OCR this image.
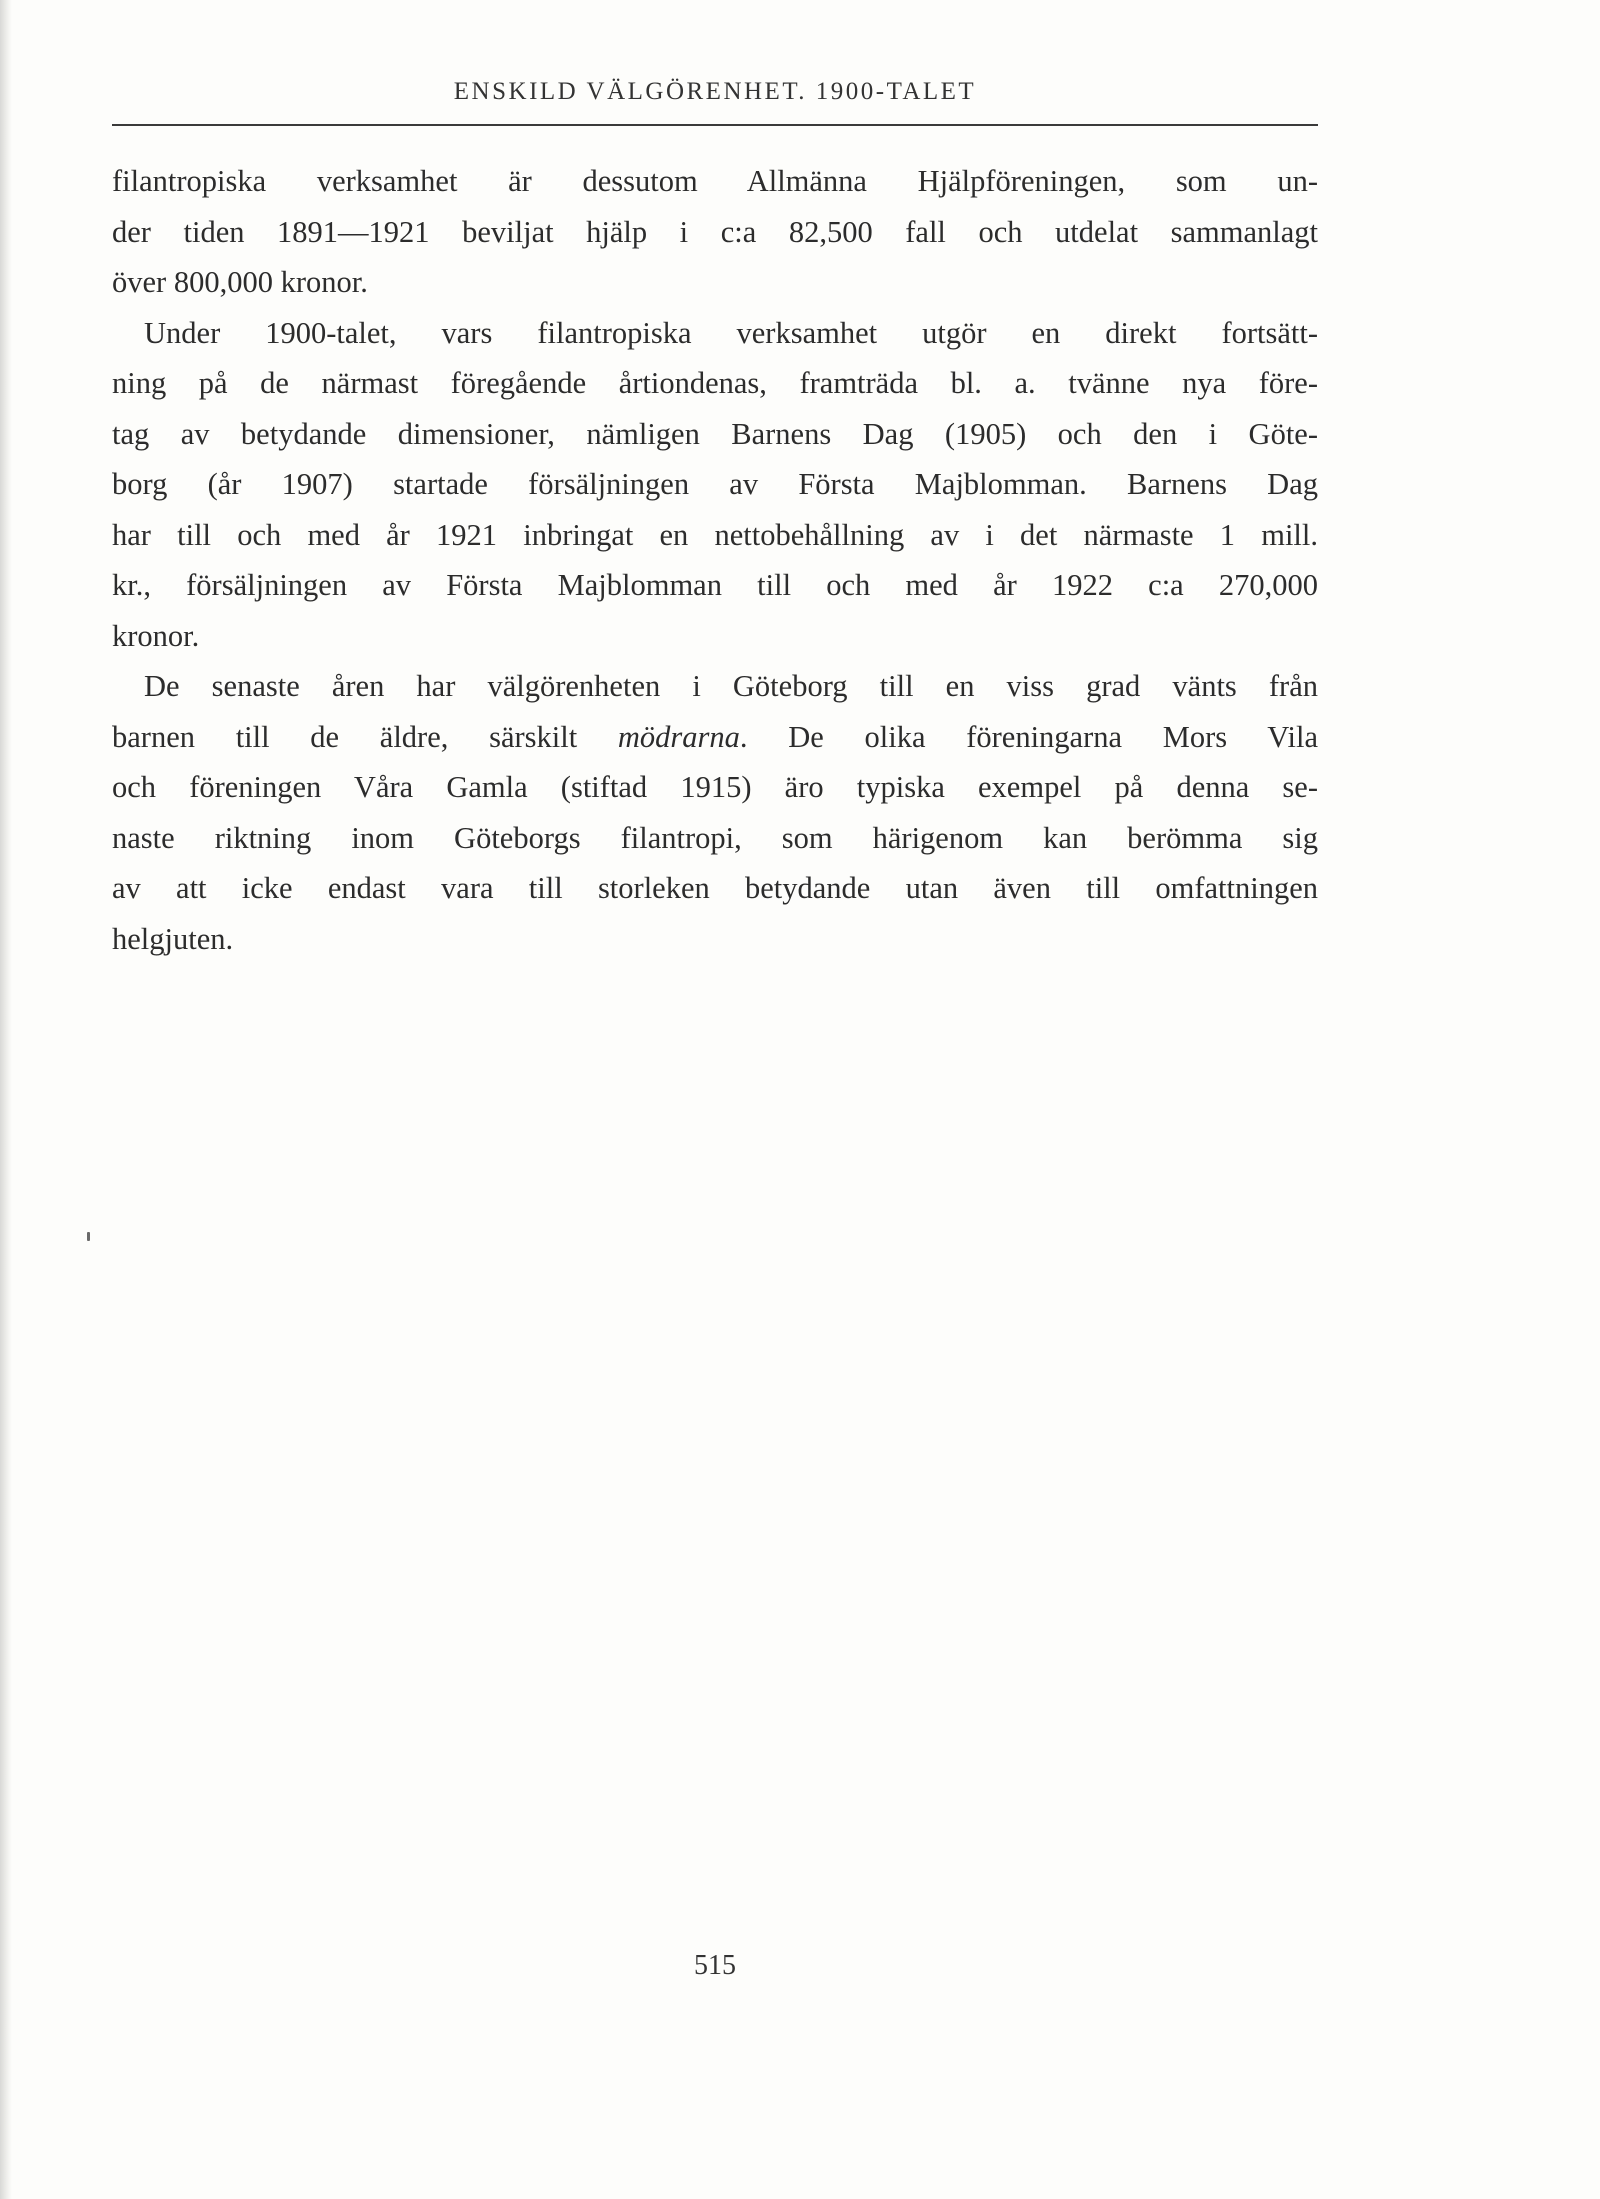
ENSKILD VÄLGÖRENHET. 1900-TALET

filantropiska verksamhet är dessutom Allmänna Hjälpföreningen, som un-

der tiden 1891—1921 beviljat hjälp i c:a 82,500 fall och utdelat sammanlagt

över 800,000 kronor.

Under 1900-talet, vars filantropiska verksamhet utgör en direkt fortsätt-

ning på de närmast föregående årtiondenas, framträda bl. a. tvänne nya före-

tag av betydande dimensioner, nämligen Barnens Dag (1905) och den i Göte-

borg (år 1907) startade försäljningen av Första Majblomman. Barnens Dag

har till och med år 1921 inbringat en nettobehållning av i det närmaste 1 mill.

kr., försäljningen av Första Majblomman till och med år 1922 c:a 270,000

kronor.

De senaste åren har välgörenheten i Göteborg till en viss grad vänts från

barnen till de äldre, särskilt mödrarna. De olika föreningarna Mors Vila

och föreningen Våra Gamla (stiftad 1915) äro typiska exempel på denna se-

naste riktning inom Göteborgs filantropi, som härigenom kan berömma sig

av att icke endast vara till storleken betydande utan även till omfattningen

helgjuten.

515
